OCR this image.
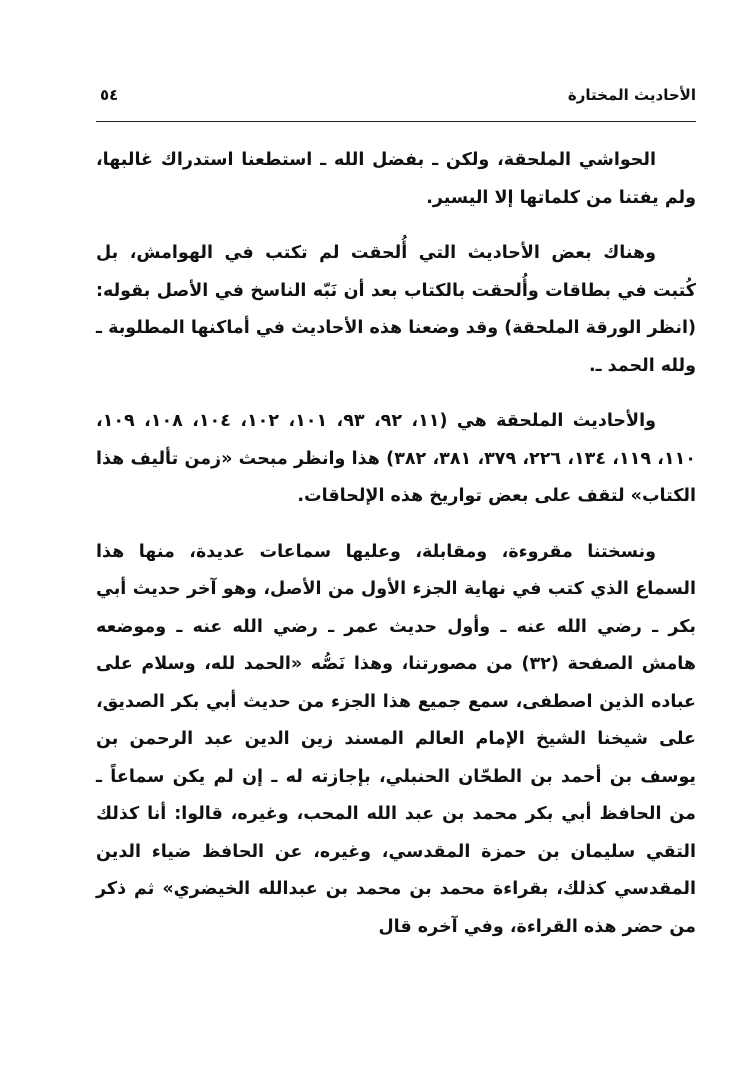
الأحاديث المختارة
٥٤

الحواشي الملحقة، ولكن ـ بفضل الله ـ استطعنا استدراك غالبها، ولم يفتنا من كلماتها إلا اليسير.

وهناك بعض الأحاديث التي أُلحقت لم تكتب في الهوامش، بل كُتبت في بطاقات وأُلحقت بالكتاب بعد أن نَبّه الناسخ في الأصل بقوله: (انظر الورقة الملحقة) وقد وضعنا هذه الأحاديث في أماكنها المطلوبة ـ ولله الحمد ـ.

والأحاديث الملحقة هي (١١، ٩٢، ٩٣، ١٠١، ١٠٢، ١٠٤، ١٠٨، ١٠٩، ١١٠، ١١٩، ١٣٤، ٢٢٦، ٣٧٩، ٣٨١، ٣٨٢) هذا وانظر مبحث «زمن تأليف هذا الكتاب» لتقف على بعض تواريخ هذه الإلحاقات.

ونسختنا مقروءة، ومقابلة، وعليها سماعات عديدة، منها هذا السماع الذي كتب في نهاية الجزء الأول من الأصل، وهو آخر حديث أبي بكر ـ رضي الله عنه ـ وأول حديث عمر ـ رضي الله عنه ـ وموضعه هامش الصفحة (٣٢) من مصورتنا، وهذا نَصُّه «الحمد لله، وسلام على عباده الذين اصطفى، سمع جميع هذا الجزء من حديث أبي بكر الصديق، على شيخنا الشيخ الإمام العالم المسند زين الدين عبد الرحمن بن يوسف بن أحمد بن الطحّان الحنبلي، بإجازته له ـ إن لم يكن سماعاً ـ من الحافظ أبي بكر محمد بن عبد الله المحب، وغيره، قالوا: أنا كذلك التقي سليمان بن حمزة المقدسي، وغيره، عن الحافظ ضياء الدين المقدسي كذلك، بقراءة محمد بن محمد بن عبدالله الخيضري» ثم ذكر من حضر هذه القراءة، وفي آخره قال
